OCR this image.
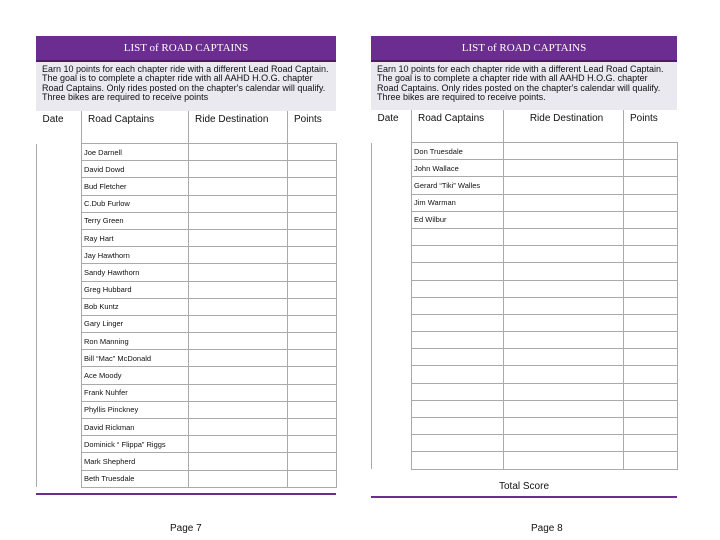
LIST of ROAD CAPTAINS
Earn 10 points for each chapter ride with a different Lead Road Captain. The goal is to complete a chapter ride with all AAHD H.O.G. chapter Road Captains. Only rides posted on the chapter's calendar will qualify. Three bikes are required to receive points
Date	Road Captains	Ride Destination	Points
	Joe Darnell		
	David Dowd		
	Bud Fletcher		
	C.Dub Furlow		
	Terry Green		
	Ray Hart		
	Jay Hawthorn		
	Sandy Hawthorn		
	Greg Hubbard		
	Bob Kuntz		
	Gary Linger		
	Ron Manning		
	Bill “Mac” McDonald		
	Ace Moody		
	Frank Nuhfer		
	Phyllis Pinckney		
	David Rickman		
	Dominick “ Flippa” Riggs		
	Mark Shepherd		
	Beth Truesdale		
LIST of ROAD CAPTAINS
Earn 10 points for each chapter ride with a different Lead Road Captain. The goal is to complete a chapter ride with all AAHD H.O.G. chapter Road Captains. Only rides posted on the chapter's calendar will qualify. Three bikes are required to receive points.
Date	Road Captains	Ride Destination	Points
	Don Truesdale		
	John Wallace		
	Gerard “Tiki” Walles		
	Jim Warman		
	Ed Wilbur		

Total Score
Page 7	Page 8
